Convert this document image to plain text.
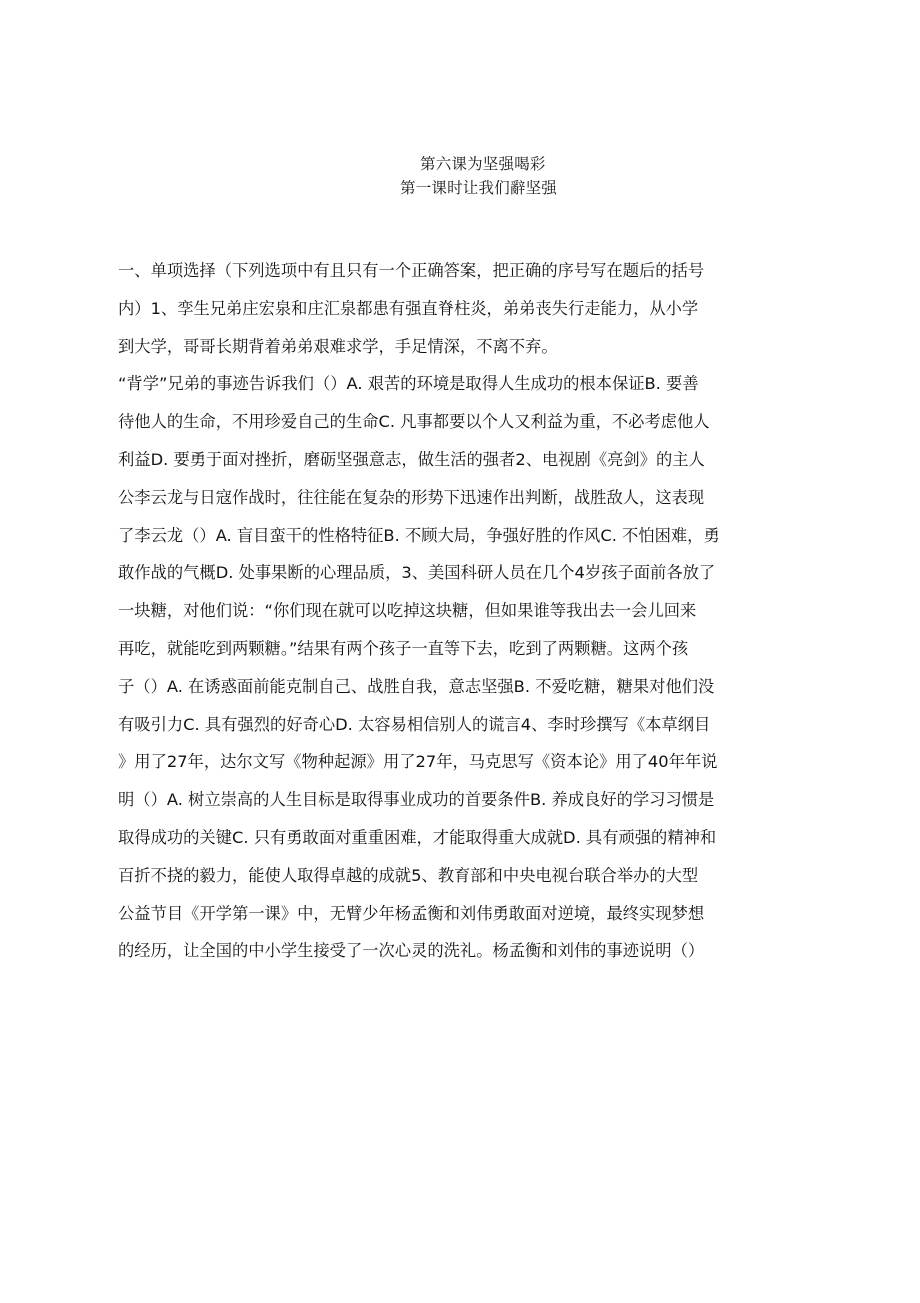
第六课为坚强喝彩
第一课时让我们辭坚强
一、单项选择（下列选项中有且只有一个正确答案，把正确的序号写在题后的括号
内）1、孪生兄弟庄宏泉和庄汇泉都患有强直脊柱炎，弟弟丧失行走能力，从小学
到大学，哥哥长期背着弟弟艰难求学，手足情深，不离不弃。
“背学”兄弟的事迹告诉我们（）A. 艰苦的环境是取得人生成功的根本保证B. 要善
待他人的生命，不用珍爱自己的生命C. 凡事都要以个人又利益为重，不必考虑他人
利益D. 要勇于面对挫折，磨砺坚强意志，做生活的强者2、电视剧《亮剑》的主人
公李云龙与日寇作战时，往往能在复杂的形势下迅速作出判断，战胜敌人，这表现
了李云龙（）A. 盲目蛮干的性格特征B. 不顾大局，争强好胜的作风C. 不怕困难，勇
敢作战的气概D. 处事果断的心理品质，3、美国科研人员在几个4岁孩子面前各放了
一块糖，对他们说：“你们现在就可以吃掉这块糖，但如果谁等我出去一会儿回来
再吃，就能吃到两颗糖。”结果有两个孩子一直等下去，吃到了两颗糖。这两个孩
子（）A. 在诱惑面前能克制自己、战胜自我，意志坚强B. 不爱吃糖，糖果对他们没
有吸引力C. 具有强烈的好奇心D. 太容易相信别人的谎言4、李时珍撰写《本草纲目
》用了27年，达尔文写《物种起源》用了27年，马克思写《资本论》用了40年年说
明（）A. 树立崇高的人生目标是取得事业成功的首要条件B. 养成良好的学习习惯是
取得成功的关键C. 只有勇敢面对重重困难，才能取得重大成就D. 具有顽强的精神和
百折不挠的毅力，能使人取得卓越的成就5、教育部和中央电视台联合举办的大型
公益节目《开学第一课》中，无臂少年杨孟衡和刘伟勇敢面对逆境，最终实现梦想
的经历，让全国的中小学生接受了一次心灵的洗礼。杨孟衡和刘伟的事迹说明（）
